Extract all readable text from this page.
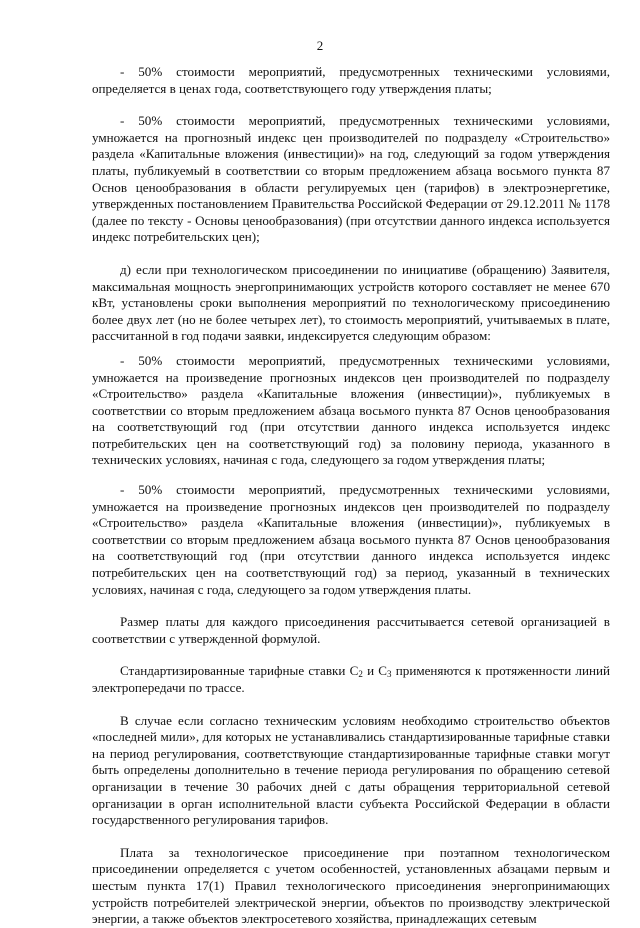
2

- 50% стоимости мероприятий, предусмотренных техническими условиями, определяется в ценах года, соответствующего году утверждения платы;

- 50% стоимости мероприятий, предусмотренных техническими условиями, умножается на прогнозный индекс цен производителей по подразделу «Строительство» раздела «Капитальные вложения (инвестиции)» на год, следующий за годом утверждения платы, публикуемый в соответствии со вторым предложением абзаца восьмого пункта 87 Основ ценообразования в области регулируемых цен (тарифов) в электроэнергетике, утвержденных постановлением Правительства Российской Федерации от 29.12.2011 № 1178 (далее по тексту - Основы ценообразования) (при отсутствии данного индекса используется индекс потребительских цен);

д) если при технологическом присоединении по инициативе (обращению) Заявителя, максимальная мощность энергопринимающих устройств которого составляет не менее 670 кВт, установлены сроки выполнения мероприятий по технологическому присоединению более двух лет (но не более четырех лет), то стоимость мероприятий, учитываемых в плате, рассчитанной в год подачи заявки, индексируется следующим образом:

- 50% стоимости мероприятий, предусмотренных техническими условиями, умножается на произведение прогнозных индексов цен производителей по подразделу «Строительство» раздела «Капитальные вложения (инвестиции)», публикуемых в соответствии со вторым предложением абзаца восьмого пункта 87 Основ ценообразования на соответствующий год (при отсутствии данного индекса используется индекс потребительских цен на соответствующий год) за половину периода, указанного в технических условиях, начиная с года, следующего за годом утверждения платы;

- 50% стоимости мероприятий, предусмотренных техническими условиями, умножается на произведение прогнозных индексов цен производителей по подразделу «Строительство» раздела «Капитальные вложения (инвестиции)», публикуемых в соответствии со вторым предложением абзаца восьмого пункта 87 Основ ценообразования на соответствующий год (при отсутствии данного индекса используется индекс потребительских цен на соответствующий год) за период, указанный в технических условиях, начиная с года, следующего за годом утверждения платы.

Размер платы для каждого присоединения рассчитывается сетевой организацией в соответствии с утвержденной формулой.

Стандартизированные тарифные ставки $С_2$ и $С_3$ применяются к протяженности линий электропередачи по трассе.

В случае если согласно техническим условиям необходимо строительство объектов «последней мили», для которых не устанавливались стандартизированные тарифные ставки на период регулирования, соответствующие стандартизированные тарифные ставки могут быть определены дополнительно в течение периода регулирования по обращению сетевой организации в течение 30 рабочих дней с даты обращения территориальной сетевой организации в орган исполнительной власти субъекта Российской Федерации в области государственного регулирования тарифов.

Плата за технологическое присоединение при поэтапном технологическом присоединении определяется с учетом особенностей, установленных абзацами первым и шестым пункта 17(1) Правил технологического присоединения энергопринимающих устройств потребителей электрической энергии, объектов по производству электрической энергии, а также объектов электросетевого хозяйства, принадлежащих сетевым
